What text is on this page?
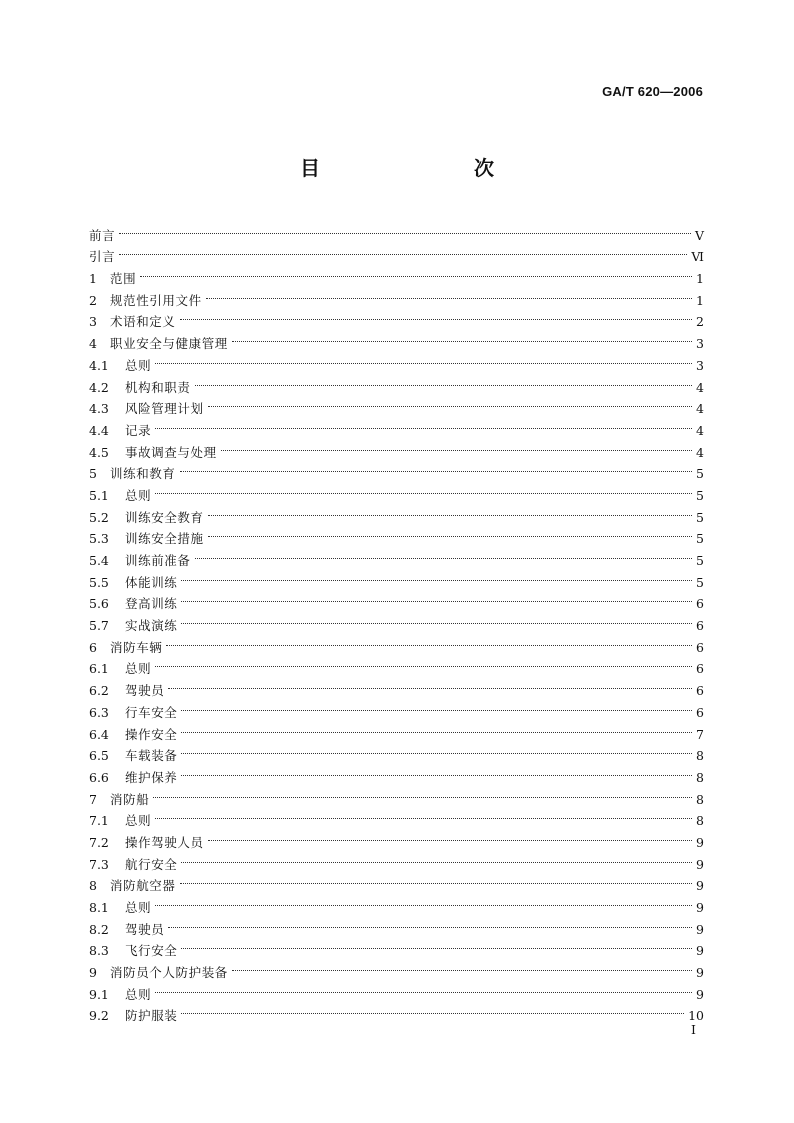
GA/T 620—2006
目　　次
前言	V
引言	Ⅵ
1	范围	1
2	规范性引用文件	1
3	术语和定义	2
4	职业安全与健康管理	3
4.1	总则	3
4.2	机构和职责	4
4.3	风险管理计划	4
4.4	记录	4
4.5	事故调查与处理	4
5	训练和教育	5
5.1	总则	5
5.2	训练安全教育	5
5.3	训练安全措施	5
5.4	训练前准备	5
5.5	体能训练	5
5.6	登高训练	6
5.7	实战演练	6
6	消防车辆	6
6.1	总则	6
6.2	驾驶员	6
6.3	行车安全	6
6.4	操作安全	7
6.5	车载装备	8
6.6	维护保养	8
7	消防船	8
7.1	总则	8
7.2	操作驾驶人员	9
7.3	航行安全	9
8	消防航空器	9
8.1	总则	9
8.2	驾驶员	9
8.3	飞行安全	9
9	消防员个人防护装备	9
9.1	总则	9
9.2	防护服装	10
I
